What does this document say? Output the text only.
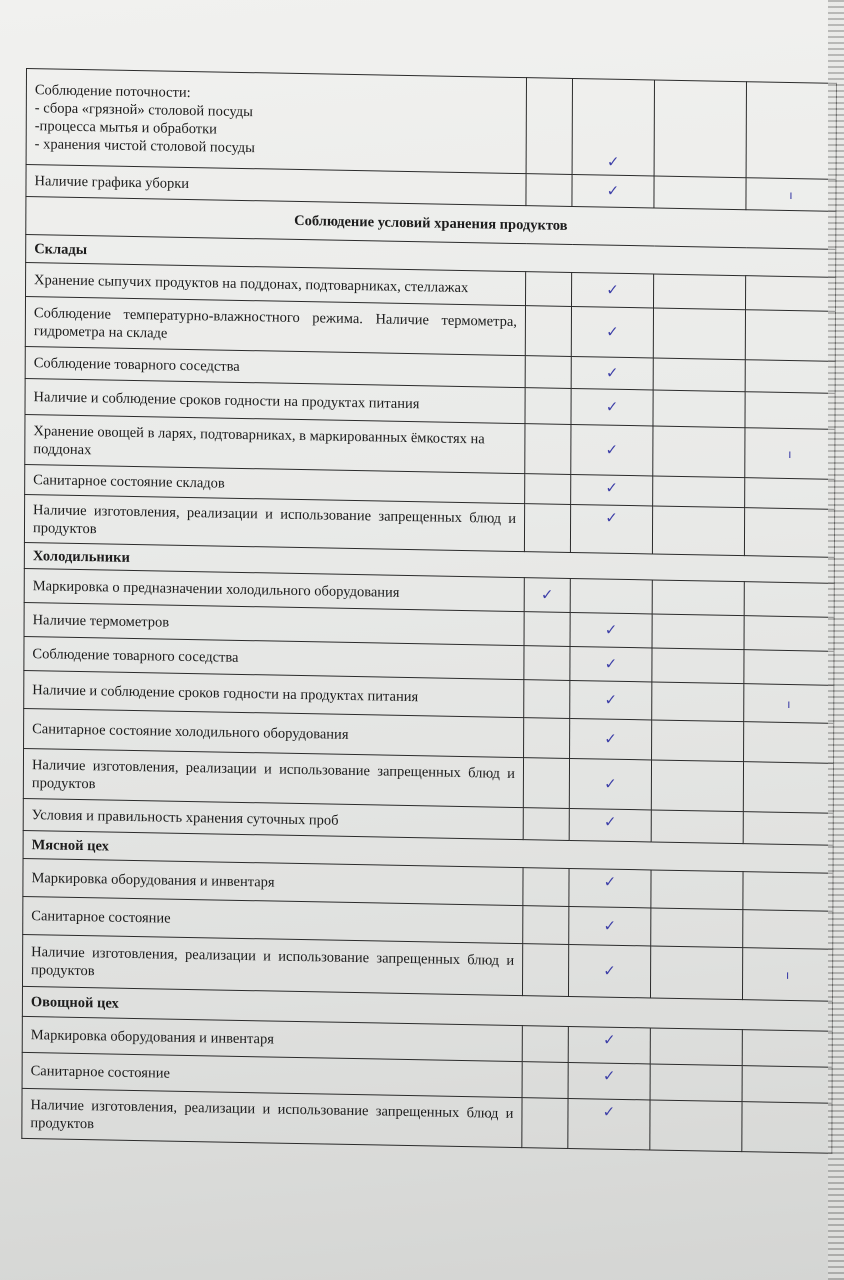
Соблюдение поточности:
- сбора «грязной» столовой посуды
-процесса мытья и обработки
- хранения чистой столовой посуды		✓		
Наличие графика уборки		✓		ı
Соблюдение условий хранения продуктов				
Склады				
Хранение сыпучих продуктов на поддонах, подтоварниках, стеллажах		✓		
Соблюдение температурно-влажностного режима. Наличие термометра, гидрометра на складе		✓		
Соблюдение товарного соседства		✓		
Наличие и соблюдение сроков годности на продуктах питания		✓		
Хранение овощей в ларях, подтоварниках, в маркированных ёмкостях на поддонах		✓		ı
Санитарное состояние складов		✓		
Наличие изготовления, реализации и использование запрещенных блюд и продуктов		✓		
Холодильники				
Маркировка о предназначении холодильного оборудования	✓			
Наличие термометров		✓		
Соблюдение товарного соседства		✓		
Наличие и соблюдение сроков годности на продуктах питания		✓		ı
Санитарное состояние холодильного оборудования		✓		
Наличие изготовления, реализации и использование запрещенных блюд и продуктов		✓		
Условия и правильность хранения суточных проб		✓		
Мясной цех				
Маркировка оборудования и инвентаря		✓		
Санитарное состояние		✓		
Наличие изготовления, реализации и использование запрещенных блюд и продуктов		✓		ı
Овощной цех				
Маркировка оборудования и инвентаря		✓		
Санитарное состояние		✓		
Наличие изготовления, реализации и использование запрещенных блюд и продуктов		✓		
